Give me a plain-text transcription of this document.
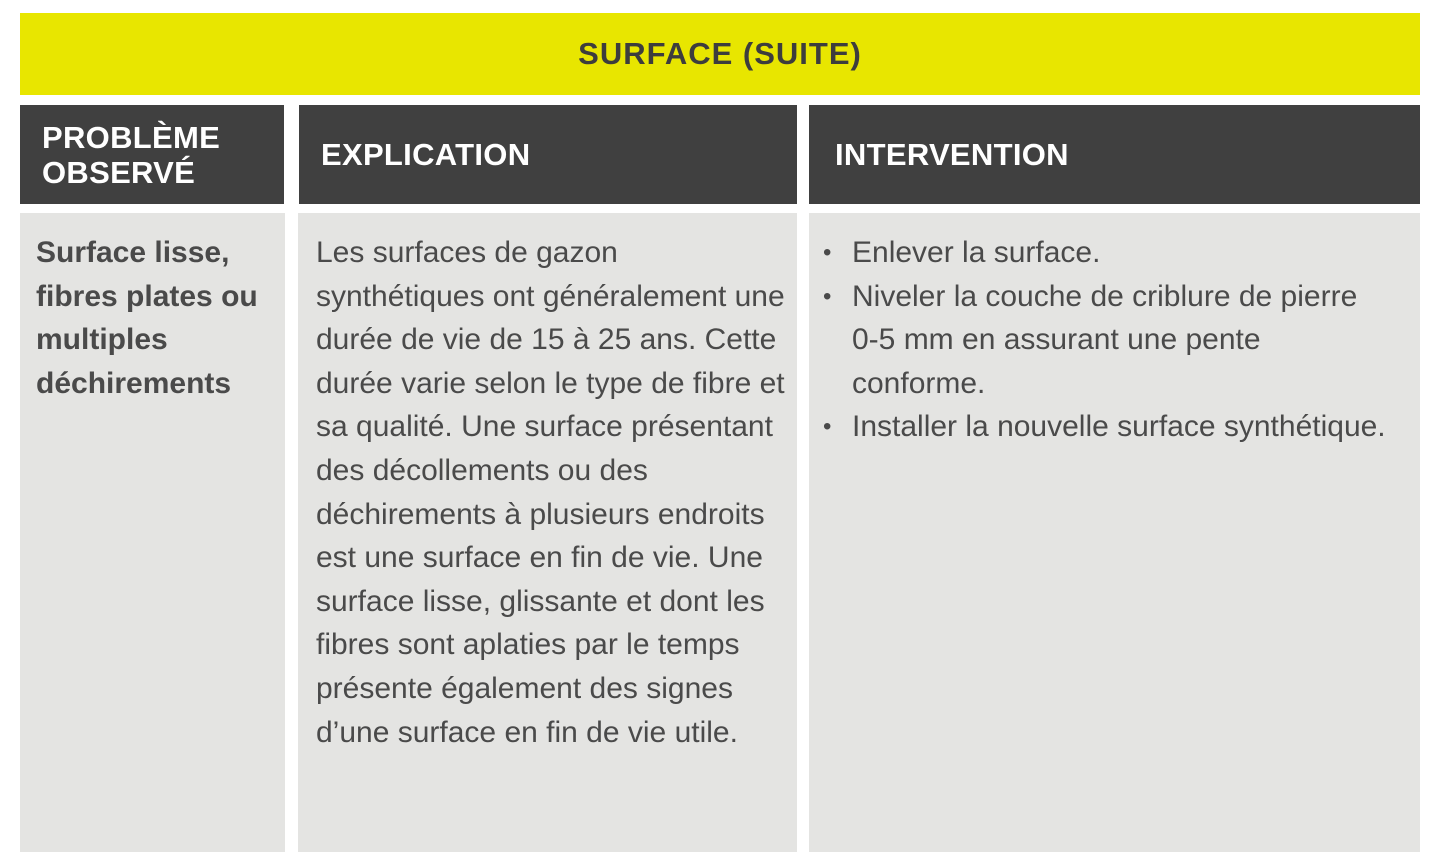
SURFACE (SUITE)
PROBLÈME OBSERVÉ	EXPLICATION	INTERVENTION
Surface lisse, fibres plates ou multiples déchirements
Les surfaces de gazon synthétiques ont généralement une durée de vie de 15 à 25 ans. Cette durée varie selon le type de fibre et sa qualité. Une surface présentant des décollements ou des déchirements à plusieurs endroits est une surface en fin de vie. Une surface lisse, glissante et dont les fibres sont aplaties par le temps présente également des signes d’une surface en fin de vie utile.
• Enlever la surface.
• Niveler la couche de criblure de pierre 0-5 mm en assurant une pente conforme.
• Installer la nouvelle surface synthétique.
